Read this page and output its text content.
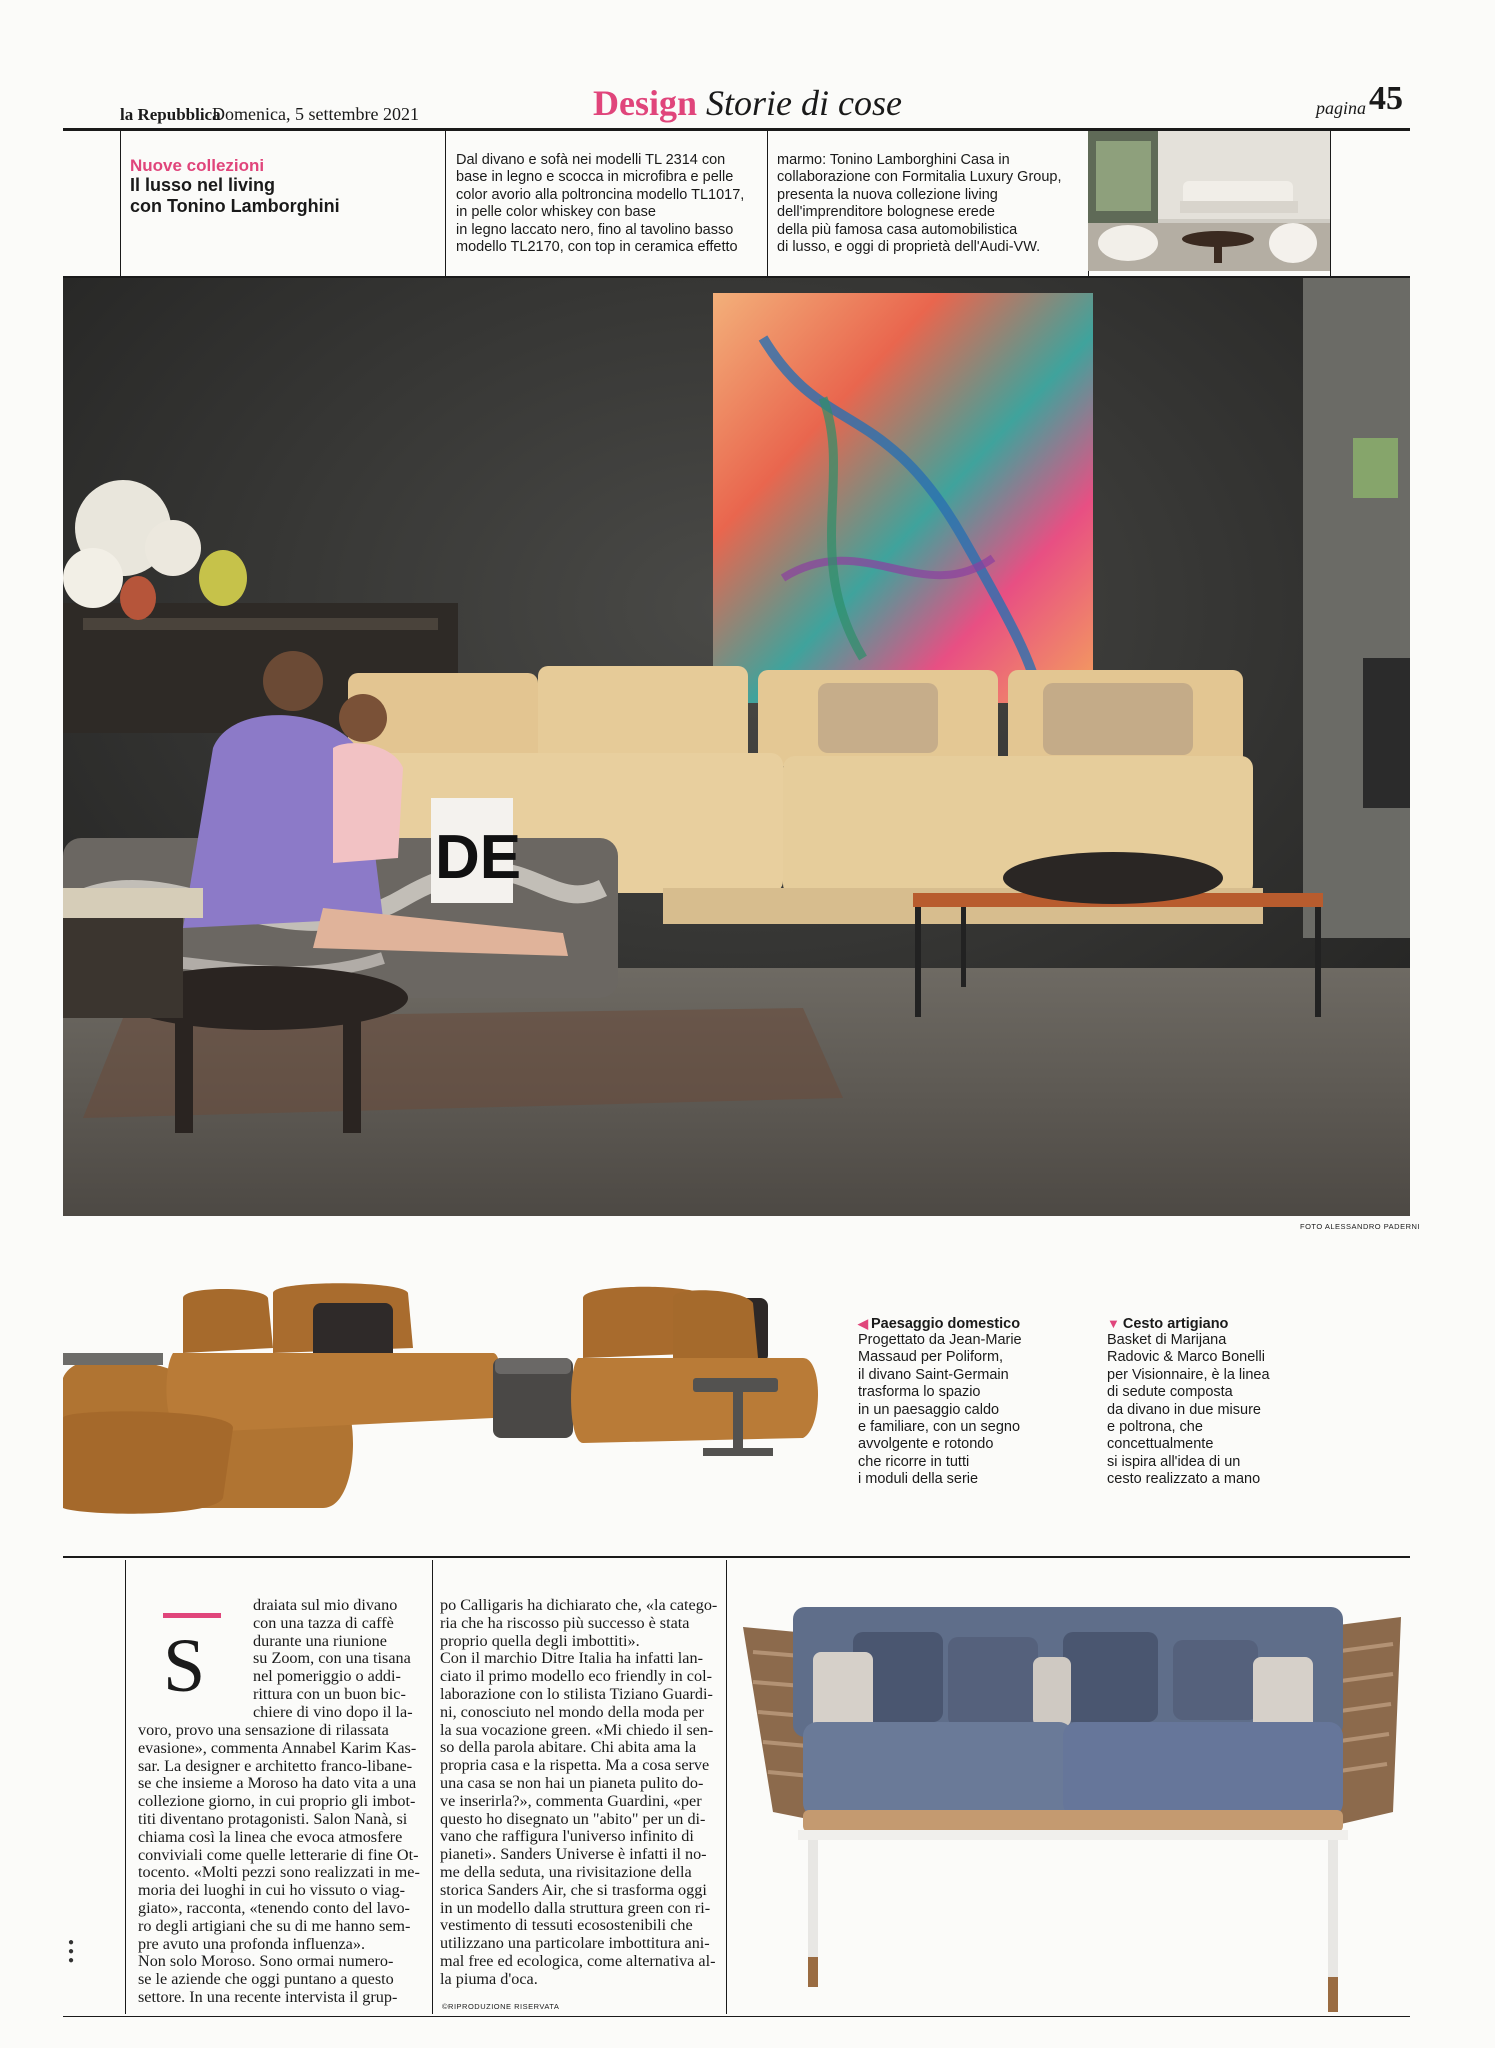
la Repubblica
Domenica, 5 settembre 2021	Design Storie di cose	pagina 45
Nuove collezioni
Il lusso nel living
con Tonino Lamborghini
Dal divano e sofà nei modelli TL 2314 con
base in legno e scocca in microfibra e pelle
color avorio alla poltroncina modello TL1017,
in pelle color whiskey con base
in legno laccato nero, fino al tavolino basso
modello TL2170, con top in ceramica effetto
marmo: Tonino Lamborghini Casa in
collaborazione con Formitalia Luxury Group,
presenta la nuova collezione living
dell'imprenditore bolognese erede
della più famosa casa automobilistica
di lusso, e oggi di proprietà dell'Audi-VW.
DE
FOTO ALESSANDRO PADERNI
◀ Paesaggio domestico
Progettato da Jean-Marie
Massaud per Poliform,
il divano Saint-Germain
trasforma lo spazio
in un paesaggio caldo
e familiare, con un segno
avvolgente e rotondo
che ricorre in tutti
i moduli della serie
▼ Cesto artigiano
Basket di Marijana
Radovic & Marco Bonelli
per Visionnaire, è la linea
di sedute composta
da divano in due misure
e poltrona, che
concettualmente
si ispira all'idea di un
cesto realizzato a mano
S
draiata sul mio divano
con una tazza di caffè
durante una riunione
su Zoom, con una tisana
nel pomeriggio o addi-
rittura con un buon bic-
chiere di vino dopo il la-
voro, provo una sensazione di rilassata
evasione», commenta Annabel Karim Kas-
sar. La designer e architetto franco-libane-
se che insieme a Moroso ha dato vita a una
collezione giorno, in cui proprio gli imbot-
titi diventano protagonisti. Salon Nanà, si
chiama così la linea che evoca atmosfere
conviviali come quelle letterarie di fine Ot-
tocento. «Molti pezzi sono realizzati in me-
moria dei luoghi in cui ho vissuto o viag-
giato», racconta, «tenendo conto del lavo-
ro degli artigiani che su di me hanno sem-
pre avuto una profonda influenza».
Non solo Moroso. Sono ormai numero-
se le aziende che oggi puntano a questo
settore. In una recente intervista il grup-
po Calligaris ha dichiarato che, «la catego-
ria che ha riscosso più successo è stata
proprio quella degli imbottiti».
Con il marchio Ditre Italia ha infatti lan-
ciato il primo modello eco friendly in col-
laborazione con lo stilista Tiziano Guardi-
ni, conosciuto nel mondo della moda per
la sua vocazione green. «Mi chiedo il sen-
so della parola abitare. Chi abita ama la
propria casa e la rispetta. Ma a cosa serve
una casa se non hai un pianeta pulito do-
ve inserirla?», commenta Guardini, «per
questo ho disegnato un "abito" per un di-
vano che raffigura l'universo infinito di
pianeti». Sanders Universe è infatti il no-
me della seduta, una rivisitazione della
storica Sanders Air, che si trasforma oggi
in un modello dalla struttura green con ri-
vestimento di tessuti ecosostenibili che
utilizzano una particolare imbottitura ani-
mal free ed ecologica, come alternativa al-
la piuma d'oca.
©RIPRODUZIONE RISERVATA
●
●
●
